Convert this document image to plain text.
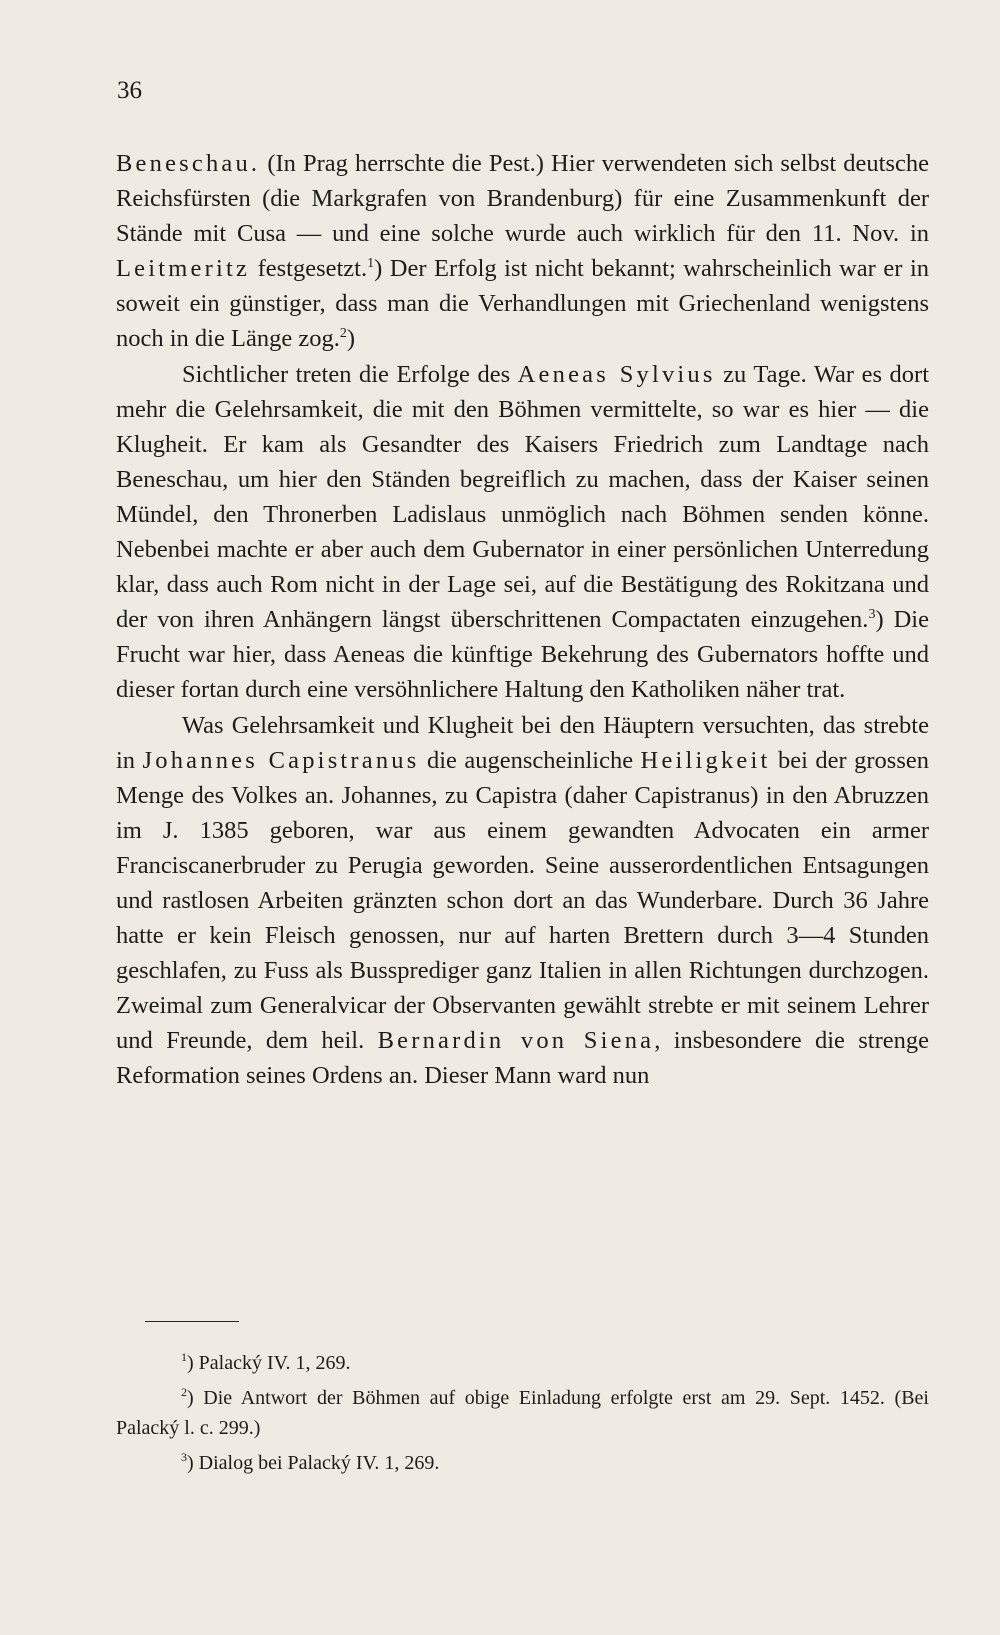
36

Beneschau. (In Prag herrschte die Pest.) Hier verwendeten sich selbst deutsche Reichsfürsten (die Markgrafen von Brandenburg) für eine Zusammenkunft der Stände mit Cusa — und eine solche wurde auch wirklich für den 11. Nov. in Leitmeritz festgesetzt.$^1$) Der Erfolg ist nicht bekannt; wahrscheinlich war er in soweit ein günstiger, dass man die Verhandlungen mit Griechenland wenigstens noch in die Länge zog.$^2$)

Sichtlicher treten die Erfolge des Aeneas Sylvius zu Tage. War es dort mehr die Gelehrsamkeit, die mit den Böhmen vermittelte, so war es hier — die Klugheit. Er kam als Gesandter des Kaisers Friedrich zum Landtage nach Beneschau, um hier den Ständen begreiflich zu machen, dass der Kaiser seinen Mündel, den Thronerben Ladislaus unmöglich nach Böhmen senden könne. Nebenbei machte er aber auch dem Gubernator in einer persönlichen Unterredung klar, dass auch Rom nicht in der Lage sei, auf die Bestätigung des Rokitzana und der von ihren Anhängern längst überschrittenen Compactaten einzugehen.$^3$) Die Frucht war hier, dass Aeneas die künftige Bekehrung des Gubernators hoffte und dieser fortan durch eine versöhnlichere Haltung den Katholiken näher trat.

Was Gelehrsamkeit und Klugheit bei den Häuptern versuchten, das strebte in Johannes Capistranus die augenscheinliche Heiligkeit bei der grossen Menge des Volkes an. Johannes, zu Capistra (daher Capistranus) in den Abruzzen im J. 1385 geboren, war aus einem gewandten Advocaten ein armer Franciscanerbruder zu Perugia geworden. Seine ausserordentlichen Entsagungen und rastlosen Arbeiten gränzten schon dort an das Wunderbare. Durch 36 Jahre hatte er kein Fleisch genossen, nur auf harten Brettern durch 3—4 Stunden geschlafen, zu Fuss als Bussprediger ganz Italien in allen Richtungen durchzogen. Zweimal zum Generalvicar der Observanten gewählt strebte er mit seinem Lehrer und Freunde, dem heil. Bernardin von Siena, insbesondere die strenge Reformation seines Ordens an. Dieser Mann ward nun

$^1$) Palacký IV. 1, 269.

$^2$) Die Antwort der Böhmen auf obige Einladung erfolgte erst am 29. Sept. 1452. (Bei Palacký l. c. 299.)

$^3$) Dialog bei Palacký IV. 1, 269.
